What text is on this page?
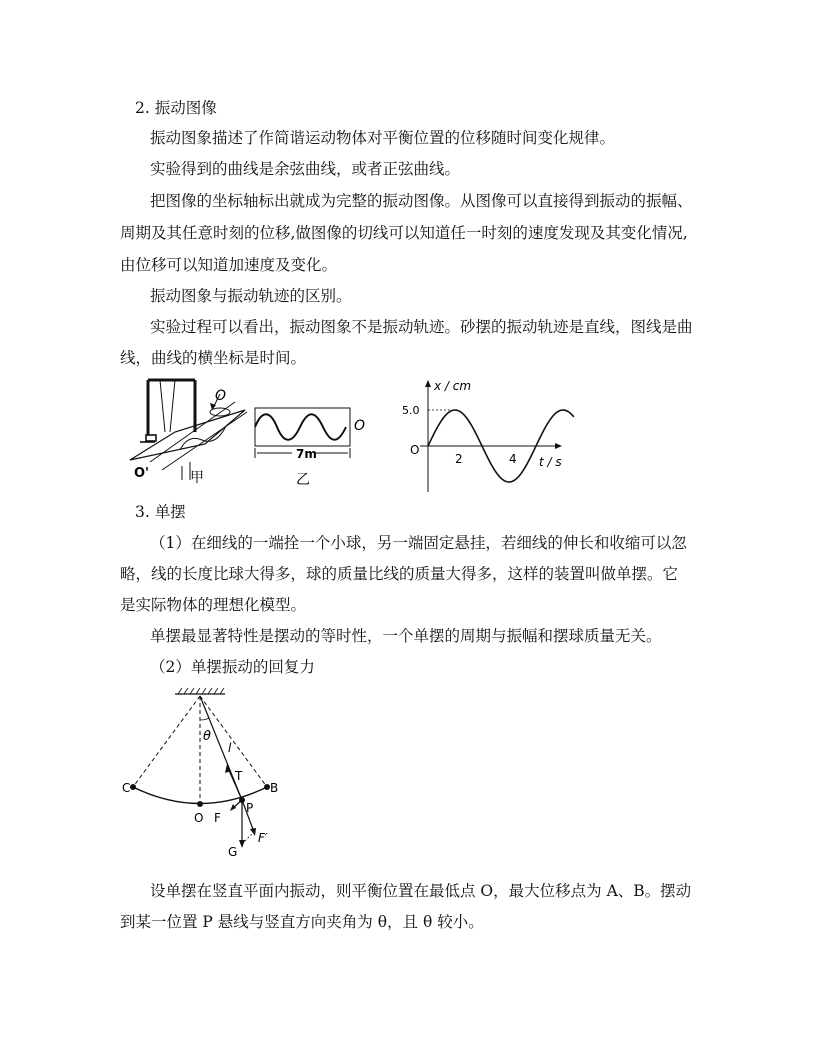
2. 振动图像
振动图象描述了作简谐运动物体对平衡位置的位移随时间变化规律。
实验得到的曲线是余弦曲线，或者正弦曲线。
把图像的坐标轴标出就成为完整的振动图像。从图像可以直接得到振动的振幅、
周期及其任意时刻的位移,做图像的切线可以知道任一时刻的速度发现及其变化情况,
由位移可以知道加速度及变化。
振动图象与振动轨迹的区别。
实验过程可以看出，振动图象不是振动轨迹。砂摆的振动轨迹是直线，图线是曲
线，曲线的横坐标是时间。
O
O'	甲
O
7m
乙
x / cm
5.0
O
2	4 t / s
3. 单摆
（1）在细线的一端拴一个小球，另一端固定悬挂，若细线的伸长和收缩可以忽
略，线的长度比球大得多，球的质量比线的质量大得多，这样的装置叫做单摆。它
是实际物体的理想化模型。
单摆最显著特性是摆动的等时性，一个单摆的周期与振幅和摆球质量无关。
（2）单摆振动的回复力
θ
l
T
C	B
O F
P
F′
G
设单摆在竖直平面内振动，则平衡位置在最低点 O，最大位移点为 A、B。摆动
到某一位置 P 悬线与竖直方向夹角为 θ，且 θ 较小。
